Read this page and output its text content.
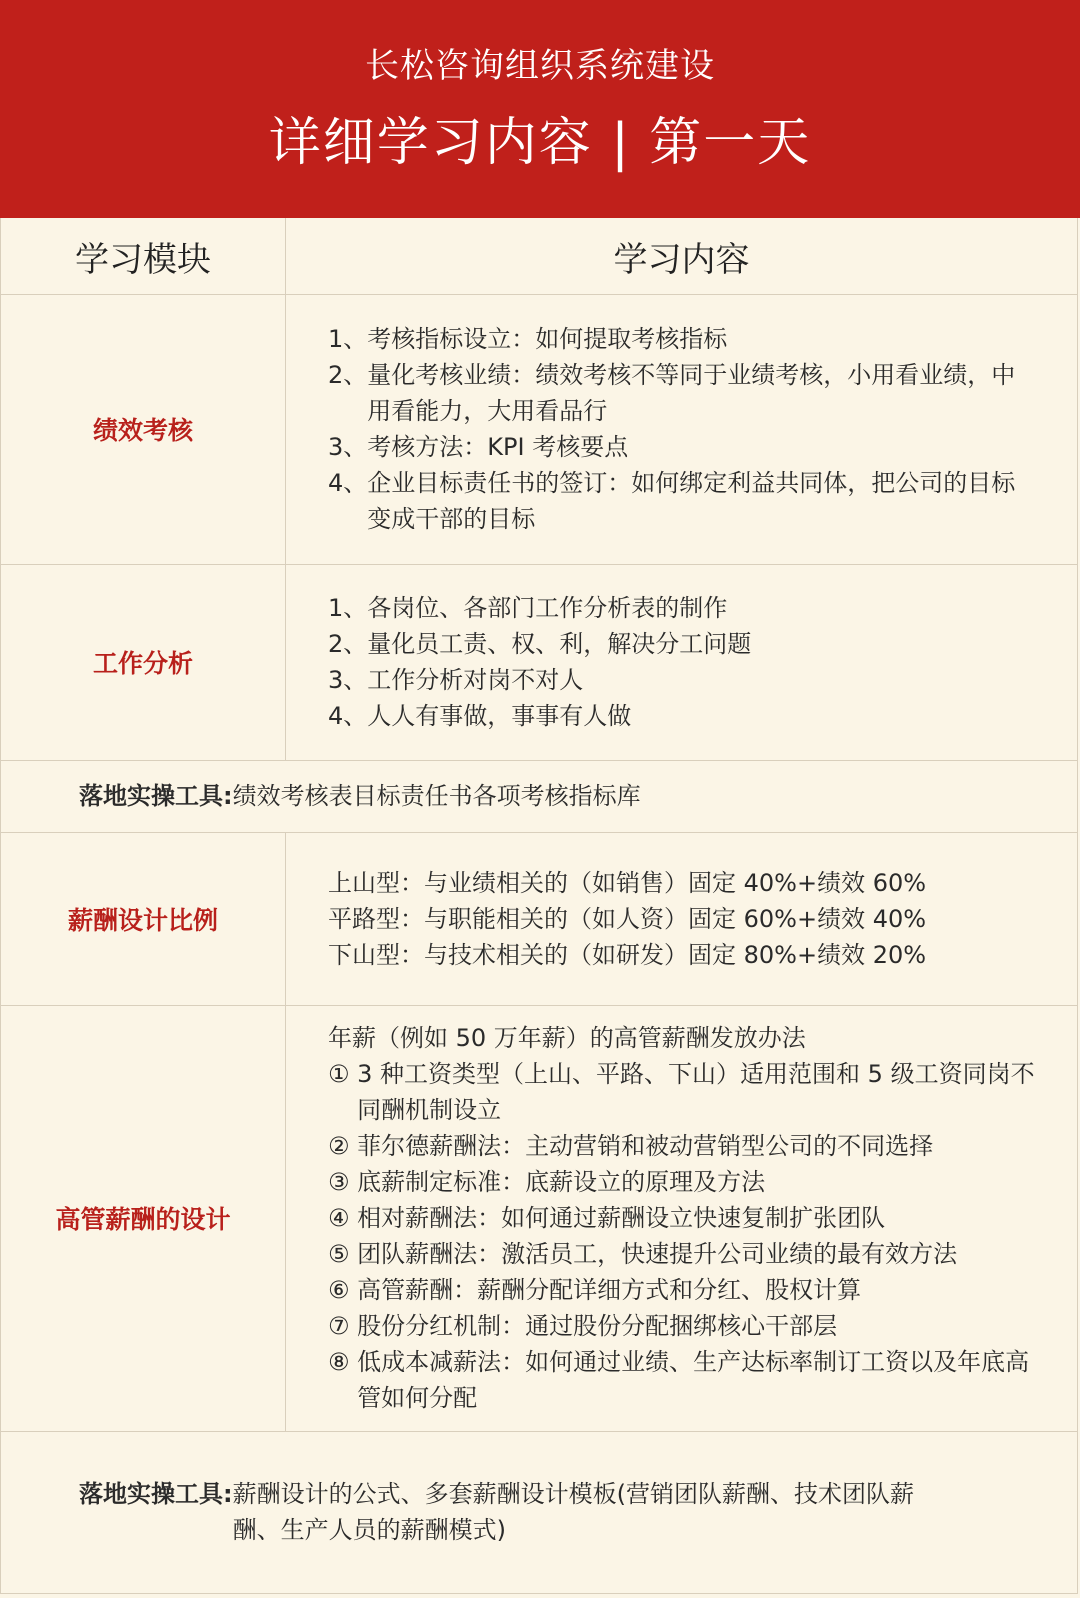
长松咨询组织系统建设
详细学习内容 | 第一天
学习模块	学习内容
绩效考核
1、 考核指标设立：如何提取考核指标
2、 量化考核业绩：绩效考核不等同于业绩考核，小用看业绩，中用看能力，大用看品行
3、 考核方法：KPI 考核要点
4、 企业目标责任书的签订：如何绑定利益共同体，把公司的目标变成干部的目标
工作分析
1、 各岗位、各部门工作分析表的制作
2、 量化员工责、权、利，解决分工问题
3、 工作分析对岗不对人
4、 人人有事做，事事有人做
落地实操工具: 绩效考核表目标责任书各项考核指标库
薪酬设计比例
上山型：与业绩相关的（如销售）固定 40%+绩效 60%
平路型：与职能相关的（如人资）固定 60%+绩效 40%
下山型：与技术相关的（如研发）固定 80%+绩效 20%
高管薪酬的设计
年薪（例如 50 万年薪）的高管薪酬发放办法
① 3 种工资类型（上山、平路、下山）适用范围和 5 级工资同岗不同酬机制设立
② 菲尔德薪酬法：主动营销和被动营销型公司的不同选择
③ 底薪制定标准：底薪设立的原理及方法
④ 相对薪酬法：如何通过薪酬设立快速复制扩张团队
⑤ 团队薪酬法：激活员工，快速提升公司业绩的最有效方法
⑥ 高管薪酬：薪酬分配详细方式和分红、股权计算
⑦ 股份分红机制：通过股份分配捆绑核心干部层
⑧ 低成本减薪法：如何通过业绩、生产达标率制订工资以及年底高管如何分配
落地实操工具: 薪酬设计的公式、多套薪酬设计模板(营销团队薪酬、技术团队薪酬、生产人员的薪酬模式)
